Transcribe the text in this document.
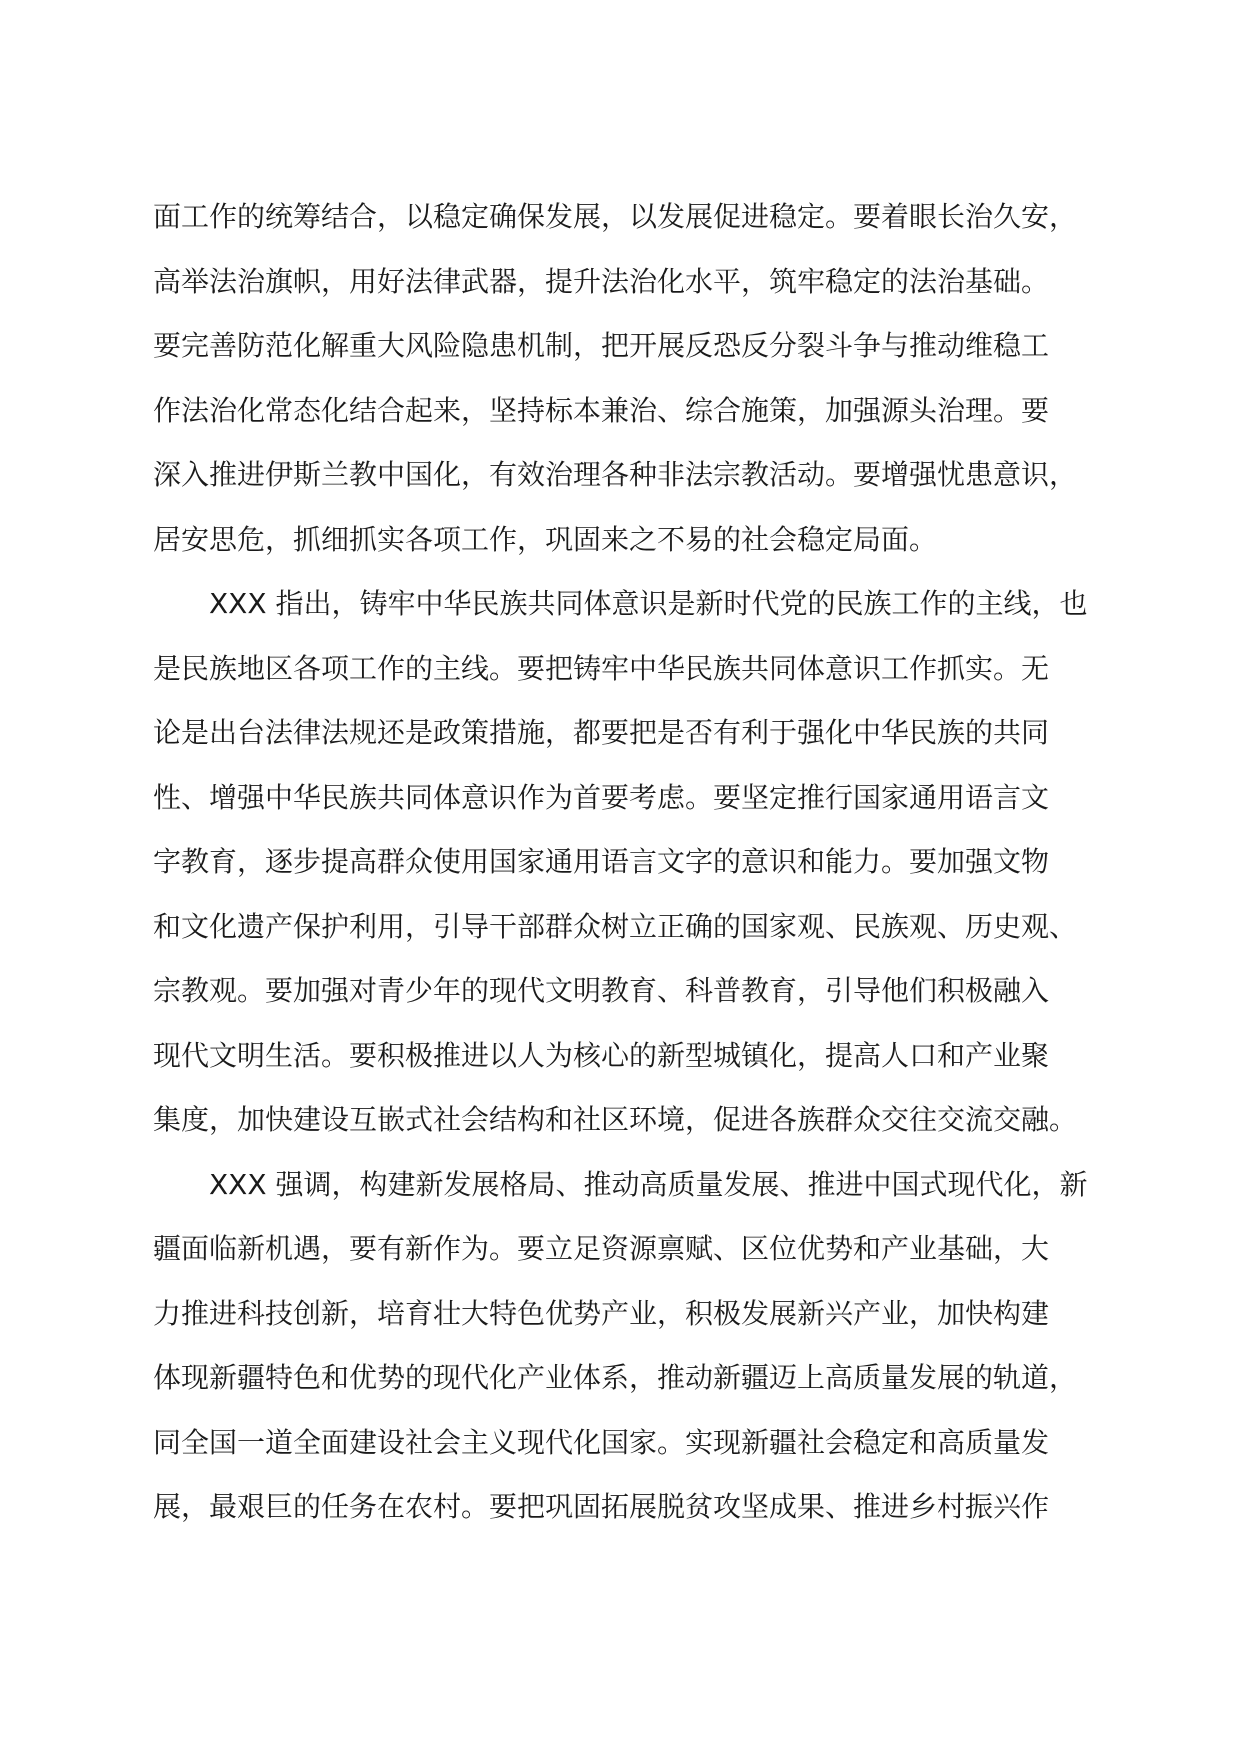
面工作的统筹结合，以稳定确保发展，以发展促进稳定。要着眼长治久安，
高举法治旗帜，用好法律武器，提升法治化水平，筑牢稳定的法治基础。
要完善防范化解重大风险隐患机制，把开展反恐反分裂斗争与推动维稳工
作法治化常态化结合起来，坚持标本兼治、综合施策，加强源头治理。要
深入推进伊斯兰教中国化，有效治理各种非法宗教活动。要增强忧患意识，
居安思危，抓细抓实各项工作，巩固来之不易的社会稳定局面。
XXX 指出，铸牢中华民族共同体意识是新时代党的民族工作的主线，也
是民族地区各项工作的主线。要把铸牢中华民族共同体意识工作抓实。无
论是出台法律法规还是政策措施，都要把是否有利于强化中华民族的共同
性、增强中华民族共同体意识作为首要考虑。要坚定推行国家通用语言文
字教育，逐步提高群众使用国家通用语言文字的意识和能力。要加强文物
和文化遗产保护利用，引导干部群众树立正确的国家观、民族观、历史观、
宗教观。要加强对青少年的现代文明教育、科普教育，引导他们积极融入
现代文明生活。要积极推进以人为核心的新型城镇化，提高人口和产业聚
集度，加快建设互嵌式社会结构和社区环境，促进各族群众交往交流交融。
XXX 强调，构建新发展格局、推动高质量发展、推进中国式现代化，新
疆面临新机遇，要有新作为。要立足资源禀赋、区位优势和产业基础，大
力推进科技创新，培育壮大特色优势产业，积极发展新兴产业，加快构建
体现新疆特色和优势的现代化产业体系，推动新疆迈上高质量发展的轨道，
同全国一道全面建设社会主义现代化国家。实现新疆社会稳定和高质量发
展，最艰巨的任务在农村。要把巩固拓展脱贫攻坚成果、推进乡村振兴作
